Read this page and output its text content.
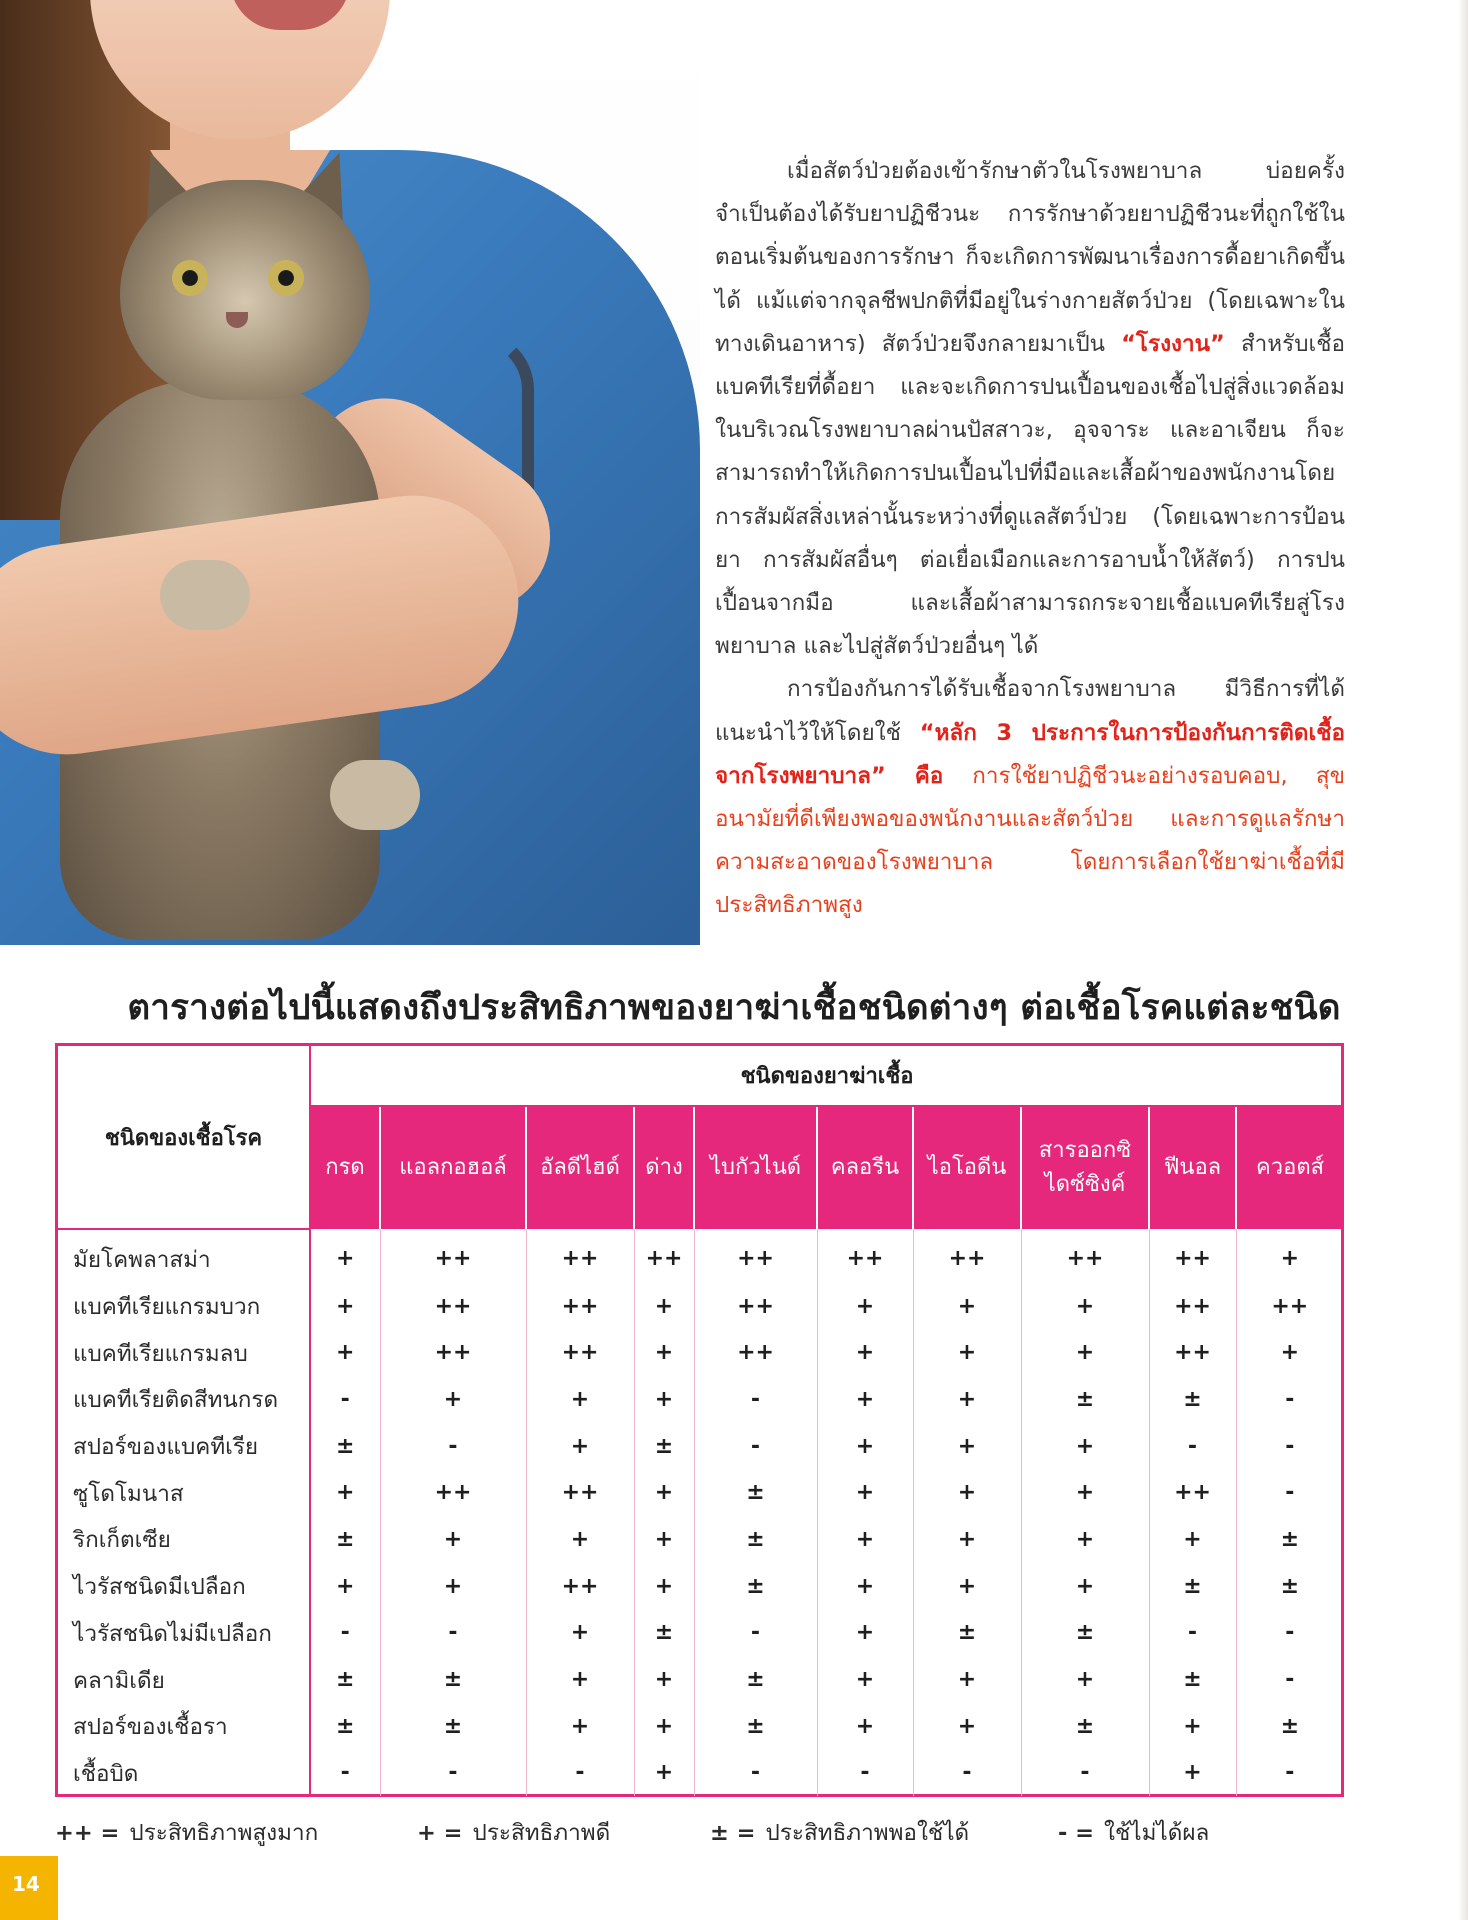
เมื่อสัตว์ป่วยต้องเข้ารักษาตัวในโรงพยาบาล บ่อยครั้งจำเป็นต้องได้รับยาปฏิชีวนะ การรักษาด้วยยาปฏิชีวนะที่ถูกใช้ในตอนเริ่มต้นของการรักษา ก็จะเกิดการพัฒนาเรื่องการดื้อยาเกิดขึ้นได้ แม้แต่จากจุลชีพปกติที่มีอยู่ในร่างกายสัตว์ป่วย (โดยเฉพาะในทางเดินอาหาร) สัตว์ป่วยจึงกลายมาเป็น “โรงงาน” สำหรับเชื้อแบคทีเรียที่ดื้อยา และจะเกิดการปนเปื้อนของเชื้อไปสู่สิ่งแวดล้อมในบริเวณโรงพยาบาลผ่านปัสสาวะ, อุจจาระ และอาเจียน ก็จะสามารถทำให้เกิดการปนเปื้อนไปที่มือและเสื้อผ้าของพนักงานโดยการสัมผัสสิ่งเหล่านั้นระหว่างที่ดูแลสัตว์ป่วย (โดยเฉพาะการป้อนยา การสัมผัสอื่นๆ ต่อเยื่อเมือกและการอาบน้ำให้สัตว์) การปนเปื้อนจากมือ และเสื้อผ้าสามารถกระจายเชื้อแบคทีเรียสู่โรงพยาบาล และไปสู่สัตว์ป่วยอื่นๆ ได้

การป้องกันการได้รับเชื้อจากโรงพยาบาล มีวิธีการที่ได้แนะนำไว้ให้โดยใช้ “หลัก 3 ประการในการป้องกันการติดเชื้อจากโรงพยาบาล” คือ การใช้ยาปฏิชีวนะอย่างรอบคอบ, สุขอนามัยที่ดีเพียงพอของพนักงานและสัตว์ป่วย และการดูแลรักษาความสะอาดของโรงพยาบาล โดยการเลือกใช้ยาฆ่าเชื้อที่มีประสิทธิภาพสูง

ตารางต่อไปนี้แสดงถึงประสิทธิภาพของยาฆ่าเชื้อชนิดต่างๆ ต่อเชื้อโรคแต่ละชนิด
ชนิดของเชื้อโรค	ชนิดของยาฆ่าเชื้อ									
	กรด	แอลกอฮอล์	อัลดีไฮด์	ด่าง	ไบกัวไนด์	คลอรีน	ไอโอดีน	สารออกซิไดซ์ซิงค์	ฟีนอล	ควอตส์
มัยโคพลาสม่า	+	++	++	++	++	++	++	++	++	+
แบคทีเรียแกรมบวก	+	++	++	+	++	+	+	+	++	++
แบคทีเรียแกรมลบ	+	++	++	+	++	+	+	+	++	+
แบคทีเรียติดสีทนกรด	-	+	+	+	-	+	+	±	±	-
สปอร์ของแบคทีเรีย	±	-	+	±	-	+	+	+	-	-
ซูโดโมนาส	+	++	++	+	±	+	+	+	++	-
ริกเก็ตเซีย	±	+	+	+	±	+	+	+	+	±
ไวรัสชนิดมีเปลือก	+	+	++	+	±	+	+	+	±	±
ไวรัสชนิดไม่มีเปลือก	-	-	+	±	-	+	±	±	-	-
คลามิเดีย	±	±	+	+	±	+	+	+	±	-
สปอร์ของเชื้อรา	±	±	+	+	±	+	+	±	+	±
เชื้อบิด	-	-	-	+	-	-	-	-	+	-
++ = ประสิทธิภาพสูงมาก	+ = ประสิทธิภาพดี	± = ประสิทธิภาพพอใช้ได้	- = ใช้ไม่ได้ผล
14
